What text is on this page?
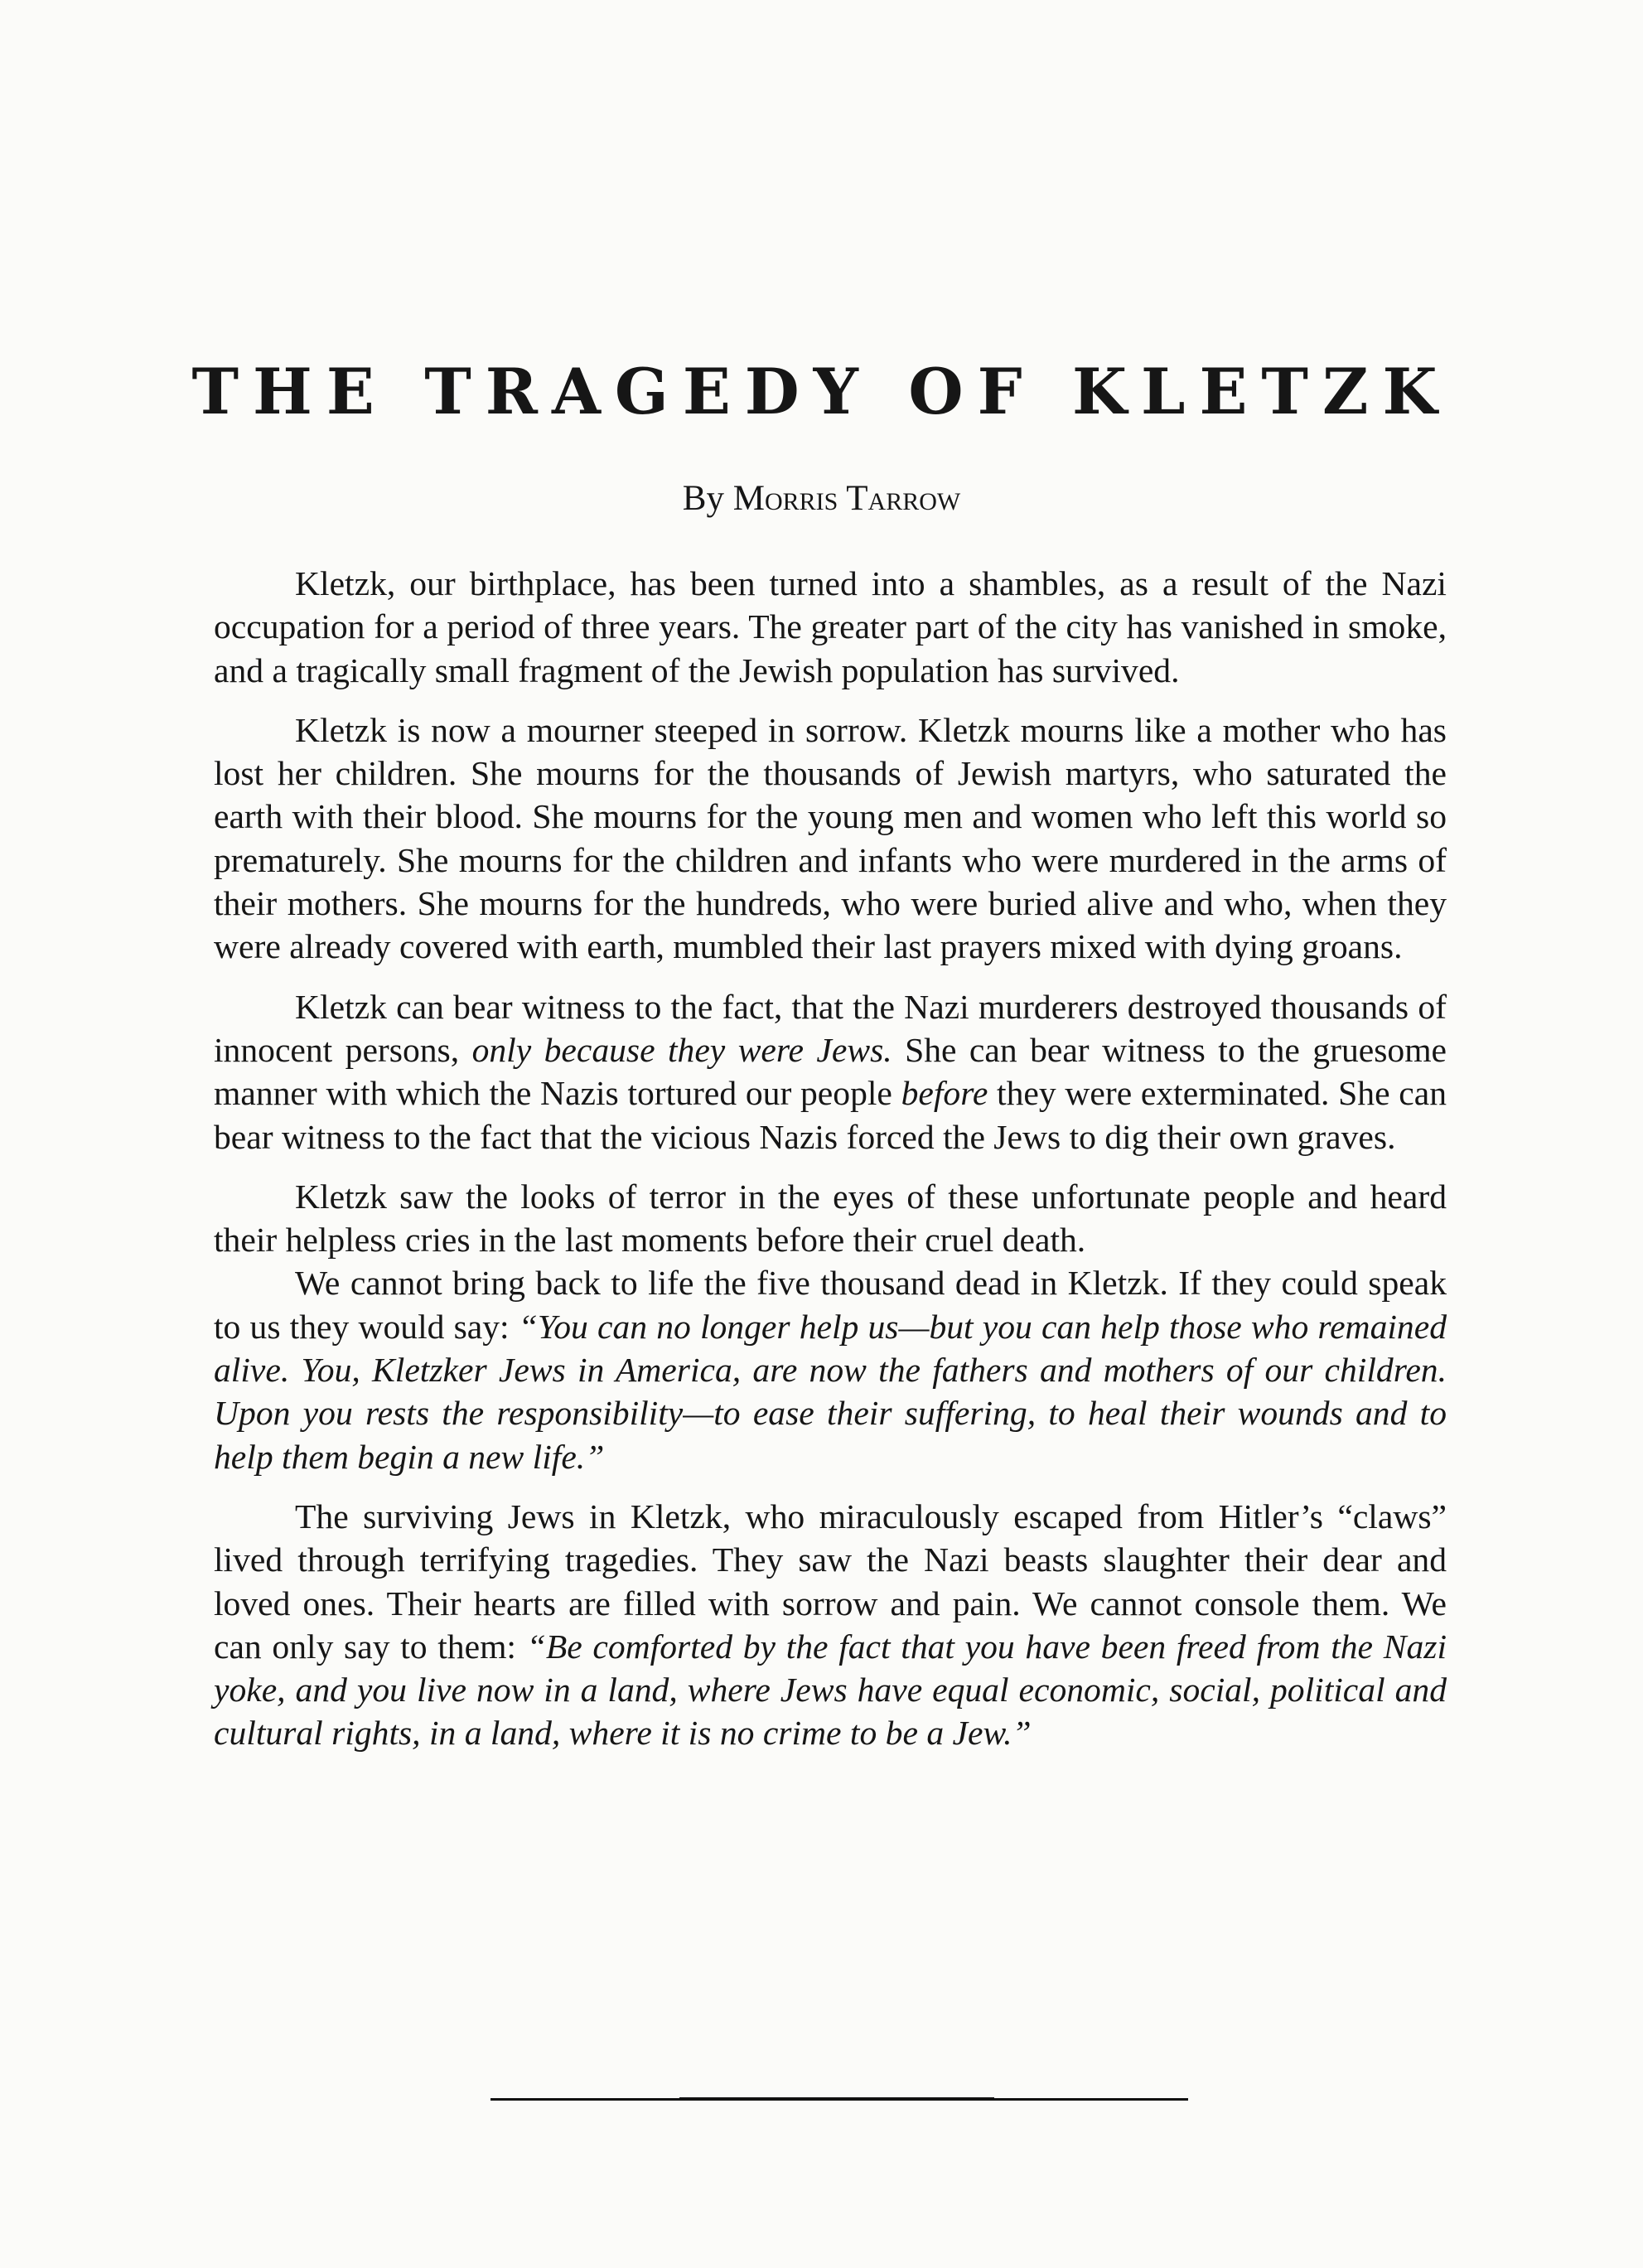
THE TRAGEDY OF KLETZK
By Morris Tarrow

Kletzk, our birthplace, has been turned into a shambles, as a result of the Nazi occupation for a period of three years. The greater part of the city has vanished in smoke, and a tragically small fragment of the Jewish population has survived.

Kletzk is now a mourner steeped in sorrow. Kletzk mourns like a mother who has lost her children. She mourns for the thousands of Jewish martyrs, who saturated the earth with their blood. She mourns for the young men and women who left this world so prematurely. She mourns for the children and infants who were murdered in the arms of their mothers. She mourns for the hundreds, who were buried alive and who, when they were already covered with earth, mumbled their last prayers mixed with dying groans.

Kletzk can bear witness to the fact, that the Nazi murderers destroyed thousands of innocent persons, only because they were Jews. She can bear witness to the gruesome manner with which the Nazis tortured our people before they were exterminated. She can bear witness to the fact that the vicious Nazis forced the Jews to dig their own graves.

Kletzk saw the looks of terror in the eyes of these unfortunate people and heard their helpless cries in the last moments before their cruel death.

We cannot bring back to life the five thousand dead in Kletzk. If they could speak to us they would say: “You can no longer help us—but you can help those who remained alive. You, Kletzker Jews in America, are now the fathers and mothers of our children. Upon you rests the responsibility—to ease their suffering, to heal their wounds and to help them begin a new life.”

The surviving Jews in Kletzk, who miraculously escaped from Hitler’s “claws” lived through terrifying tragedies. They saw the Nazi beasts slaughter their dear and loved ones. Their hearts are filled with sorrow and pain. We cannot console them. We can only say to them: “Be comforted by the fact that you have been freed from the Nazi yoke, and you live now in a land, where Jews have equal economic, social, political and cultural rights, in a land, where it is no crime to be a Jew.”
